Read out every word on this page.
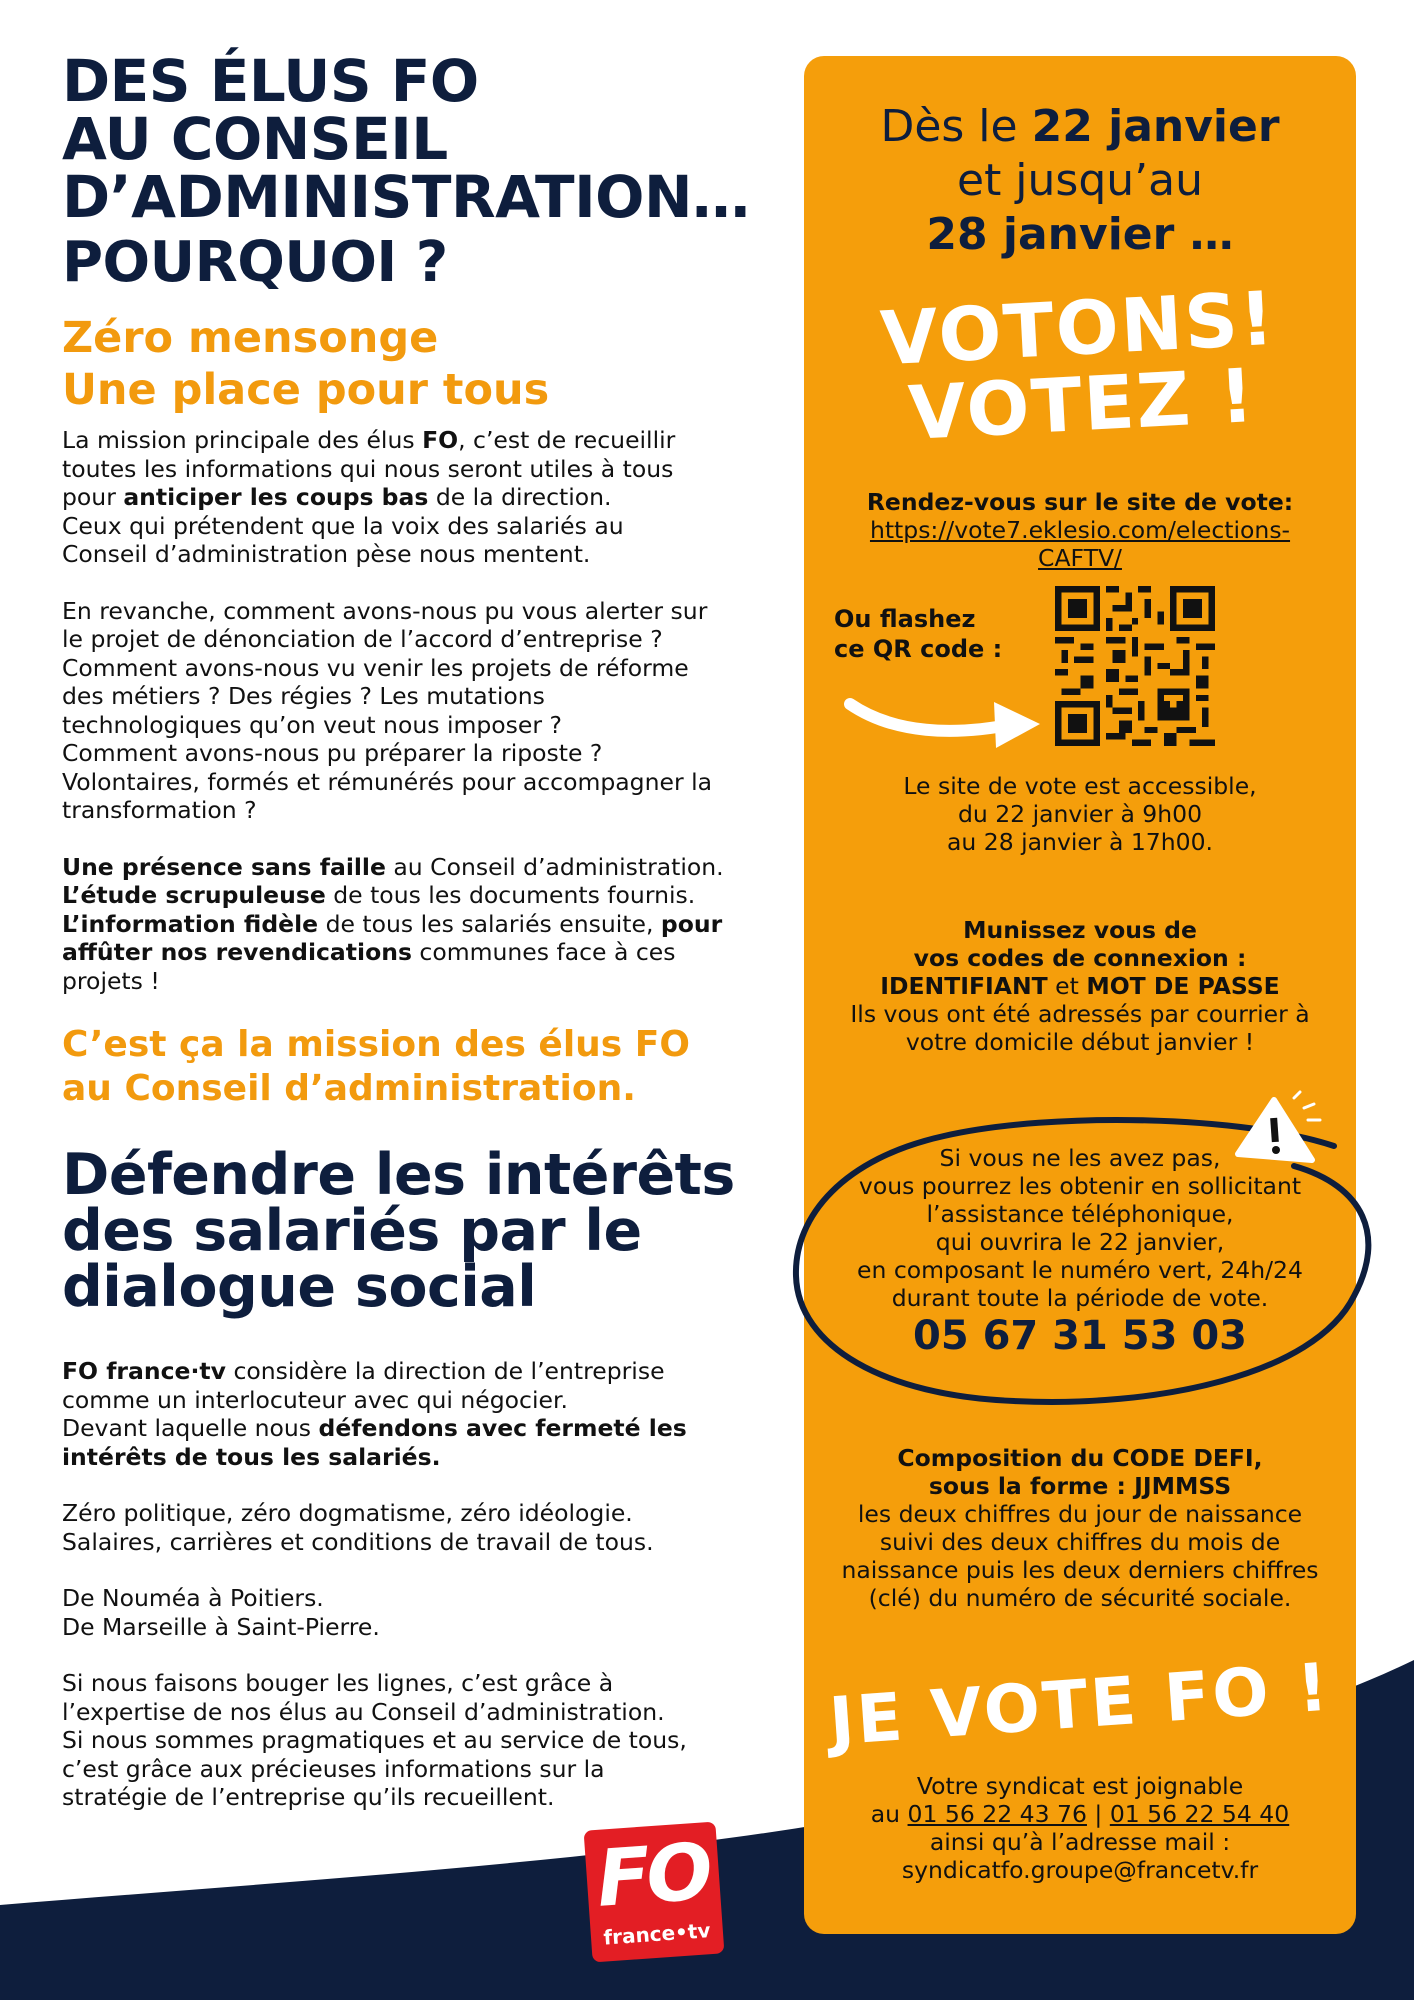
DES ÉLUS FO
AU CONSEIL
D’ADMINISTRATION…
POURQUOI ?
Zéro mensonge
Une place pour tous
La mission principale des élus FO, c’est de recueillir
toutes les informations qui nous seront utiles à tous
pour anticiper les coups bas de la direction.
Ceux qui prétendent que la voix des salariés au
Conseil d’administration pèse nous mentent.
En revanche, comment avons-nous pu vous alerter sur
le projet de dénonciation de l’accord d’entreprise ?
Comment avons-nous vu venir les projets de réforme
des métiers ? Des régies ? Les mutations
technologiques qu’on veut nous imposer ?
Comment avons-nous pu préparer la riposte ?
Volontaires, formés et rémunérés pour accompagner la
transformation ?
Une présence sans faille au Conseil d’administration.
L’étude scrupuleuse de tous les documents fournis.
L’information fidèle de tous les salariés ensuite, pour
affûter nos revendications communes face à ces
projets !
C’est ça la mission des élus FO
au Conseil d’administration.
Défendre les intérêts
des salariés par le
dialogue social
FO france·tv considère la direction de l’entreprise
comme un interlocuteur avec qui négocier.
Devant laquelle nous défendons avec fermeté les
intérêts de tous les salariés.
Zéro politique, zéro dogmatisme, zéro idéologie.
Salaires, carrières et conditions de travail de tous.
De Nouméa à Poitiers.
De Marseille à Saint-Pierre.
Si nous faisons bouger les lignes, c’est grâce à
l’expertise de nos élus au Conseil d’administration.
Si nous sommes pragmatiques et au service de tous,
c’est grâce aux précieuses informations sur la
stratégie de l’entreprise qu’ils recueillent.
Dès le 22 janvier
et jusqu’au
28 janvier …
VOTONS!
VOTEZ !
Rendez-vous sur le site de vote:
https://vote7.eklesio.com/elections-
CAFTV/
Ou flashez
ce QR code :
Le site de vote est accessible,
du 22 janvier à 9h00
au 28 janvier à 17h00.
Munissez vous de
vos codes de connexion :
IDENTIFIANT et MOT DE PASSE
Ils vous ont été adressés par courrier à
votre domicile début janvier !
Si vous ne les avez pas,
vous pourrez les obtenir en sollicitant
l’assistance téléphonique,
qui ouvrira le 22 janvier,
en composant le numéro vert, 24h/24
durant toute la période de vote.
05 67 31 53 03
Composition du CODE DEFI,
sous la forme : JJMMSS
les deux chiffres du jour de naissance
suivi des deux chiffres du mois de
naissance puis les deux derniers chiffres
(clé) du numéro de sécurité sociale.
JE VOTE FO !
Votre syndicat est joignable
au 01 56 22 43 76 | 01 56 22 54 40
ainsi qu’à l’adresse mail :
syndicatfo.groupe@francetv.fr
FO
france•tv
